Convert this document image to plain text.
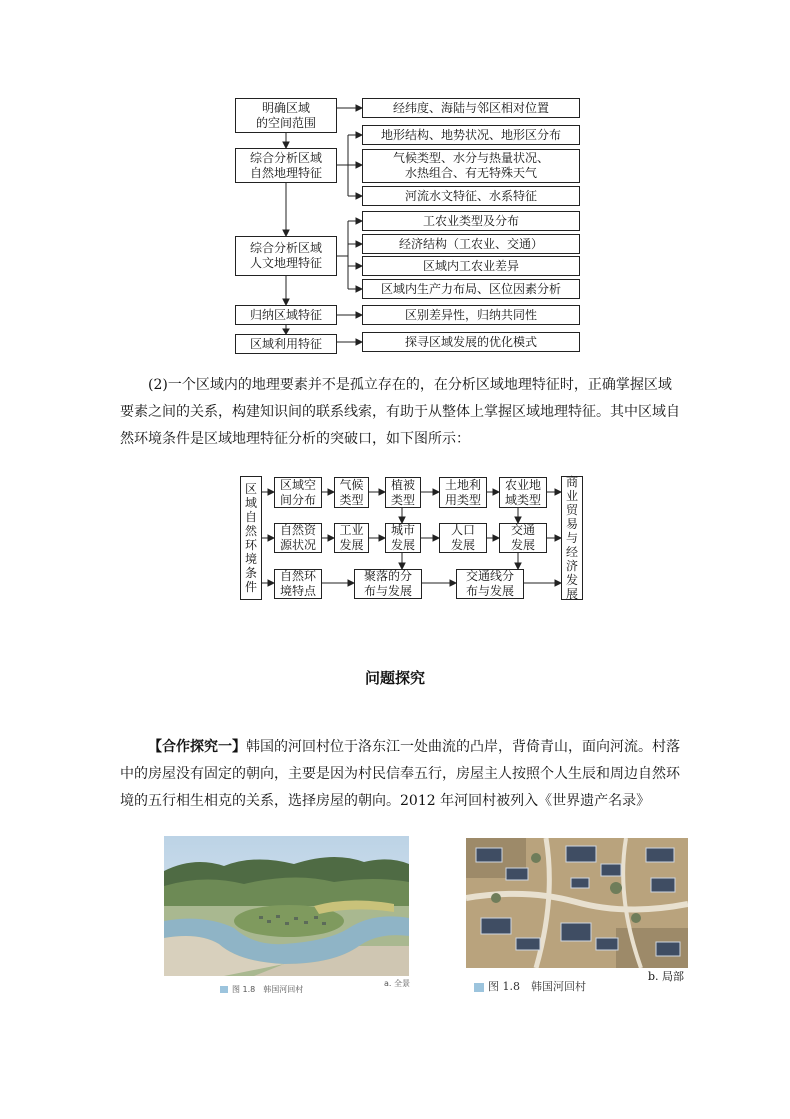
明确区域
的空间范围
综合分析区域
自然地理特征
综合分析区域
人文地理特征
归纳区域特征
区域利用特征
经纬度、海陆与邻区相对位置
地形结构、地势状况、地形区分布
气候类型、水分与热量状况、
水热组合、有无特殊天气
河流水文特征、水系特征
工农业类型及分布
经济结构（工农业、交通）
区域内工农业差异
区域内生产力布局、区位因素分析
区别差异性，归纳共同性
探寻区域发展的优化模式
(2)一个区域内的地理要素并不是孤立存在的，在分析区域地理特征时，正确掌握区域要素之间的关系，构建知识间的联系线索，有助于从整体上掌握区域地理特征。其中区域自然环境条件是区域地理特征分析的突破口，如下图所示：
区域自然环境条件
商业贸易与经济发展
区域空
间分布
气候
类型
植被
类型
土地利
用类型
农业地
域类型
自然资
源状况
工业
发展
城市
发展
人口
发展
交通
发展
自然环
境特点
聚落的分
布与发展
交通线分
布与发展
问题探究
【合作探究一】韩国的河回村位于洛东江一处曲流的凸岸，背倚青山，面向河流。村落中的房屋没有固定的朝向，主要是因为村民信奉五行，房屋主人按照个人生辰和周边自然环境的五行相生相克的关系，选择房屋的朝向。2012 年河回村被列入《世界遗产名录》
a. 全景
图 1.8　韩国河回村
b. 局部
图 1.8　韩国河回村
